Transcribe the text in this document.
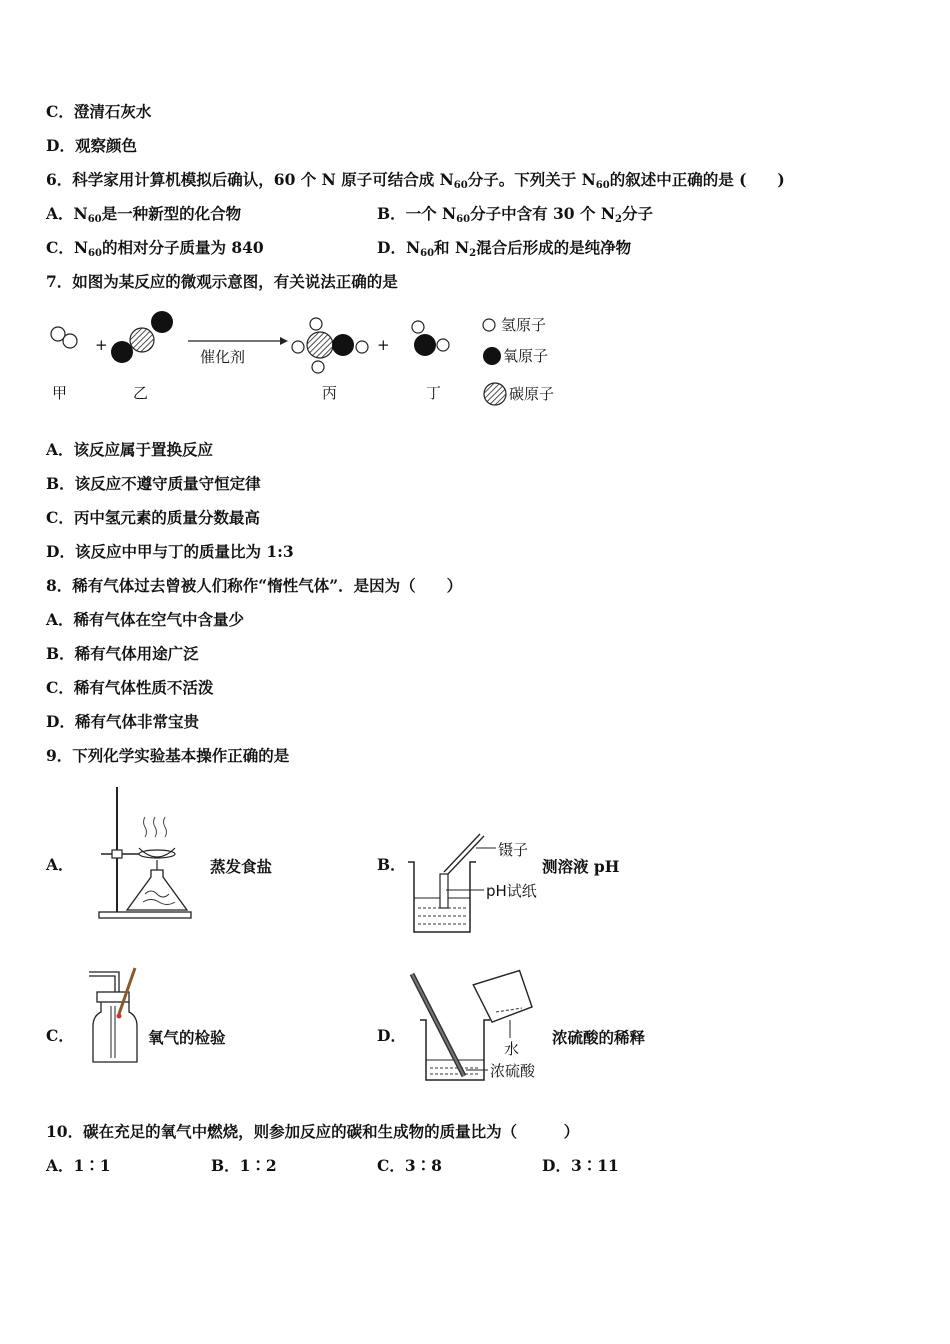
C．澄清石灰水
D．观察颜色
6．科学家用计算机模拟后确认，60 个 N 原子可结合成 $N_{60}$分子。下列关于 $N_{60}$的叙述中正确的是 (　　)
A．$N_{60}$是一种新型的化合物	B．一个 $N_{60}$分子中含有 30 个 $N_2$分子
C．$N_{60}$的相对分子质量为 840	D．$N_{60}$和 $N_2$混合后形成的是纯净物
7．如图为某反应的微观示意图，有关说法正确的是
+
催化剂
+
甲	乙	丙	丁
氢原子
氧原子
碳原子
A．该反应属于置换反应
B．该反应不遵守质量守恒定律
C．丙中氢元素的质量分数最高
D．该反应中甲与丁的质量比为 1:3
8．稀有气体过去曾被人们称作“惰性气体”．是因为（　　）
A．稀有气体在空气中含量少
B．稀有气体用途广泛
C．稀有气体性质不活泼
D．稀有气体非常宝贵
9．下列化学实验基本操作正确的是
A．	蒸发食盐	B．
镊子
pH试纸
测溶液 pH
C．	氧气的检验	D．
水
浓硫酸
浓硫酸的稀释
10．碳在充足的氧气中燃烧，则参加反应的碳和生成物的质量比为（　　　）
A．1∶1	B．1∶2	C．3∶8	D．3∶11
